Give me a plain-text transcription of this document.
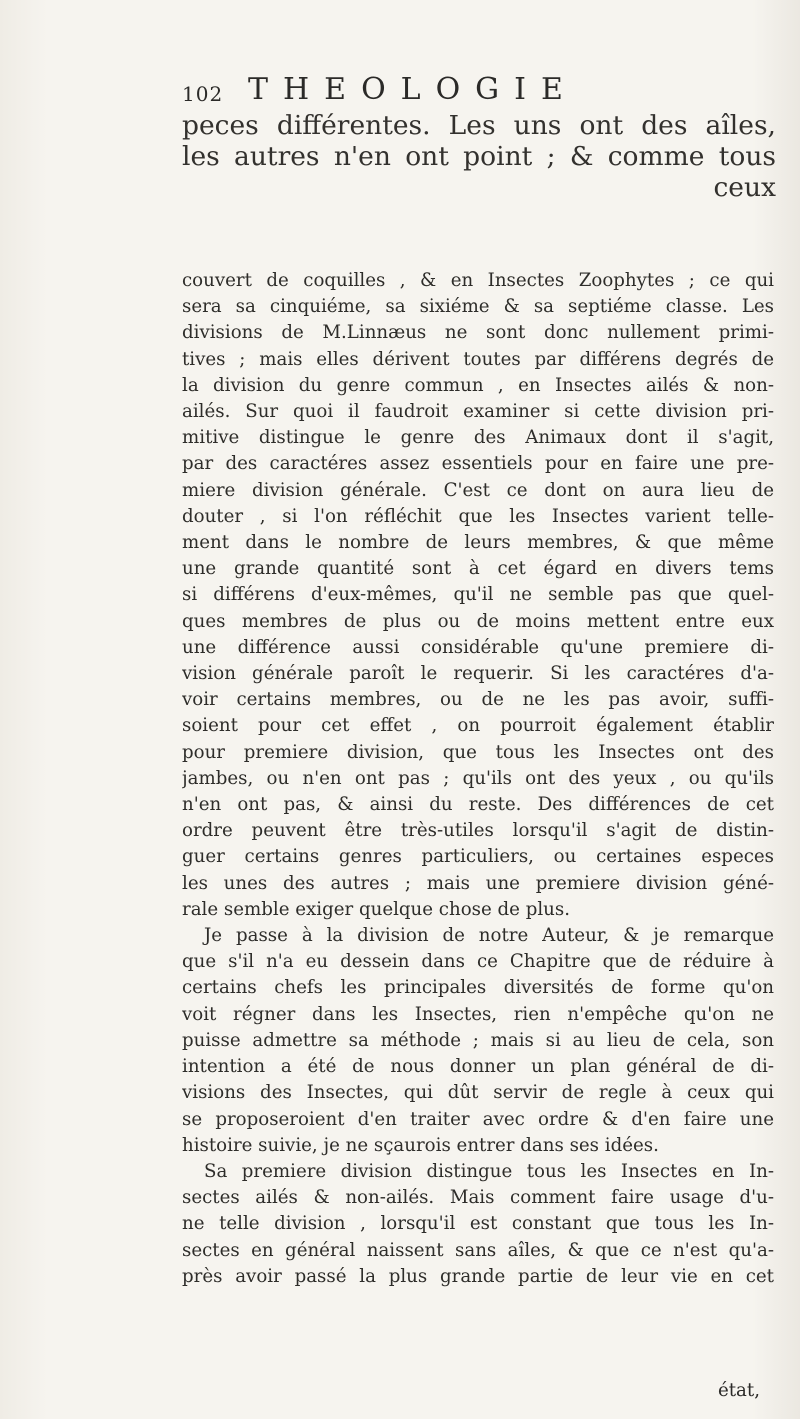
102 THEOLOGIE
peces différentes. Les uns ont des aîles,
les autres n'en ont point ; & comme tous
ceux
couvert de coquilles , & en Insectes Zoophytes ; ce qui
sera sa cinquiéme, sa sixiéme & sa septiéme classe. Les
divisions de M.Linnæus ne sont donc nullement primi-
tives ; mais elles dérivent toutes par différens degrés de
la division du genre commun , en Insectes ailés & non-
ailés. Sur quoi il faudroit examiner si cette division pri-
mitive distingue le genre des Animaux dont il s'agit,
par des caractéres assez essentiels pour en faire une pre-
miere division générale. C'est ce dont on aura lieu de
douter , si l'on réfléchit que les Insectes varient telle-
ment dans le nombre de leurs membres, & que même
une grande quantité sont à cet égard en divers tems
si différens d'eux-mêmes, qu'il ne semble pas que quel-
ques membres de plus ou de moins mettent entre eux
une différence aussi considérable qu'une premiere di-
vision générale paroît le requerir. Si les caractéres d'a-
voir certains membres, ou de ne les pas avoir, suffi-
soient pour cet effet , on pourroit également établir
pour premiere division, que tous les Insectes ont des
jambes, ou n'en ont pas ; qu'ils ont des yeux , ou qu'ils
n'en ont pas, & ainsi du reste. Des différences de cet
ordre peuvent être très-utiles lorsqu'il s'agit de distin-
guer certains genres particuliers, ou certaines especes
les unes des autres ; mais une premiere division géné-
rale semble exiger quelque chose de plus.
Je passe à la division de notre Auteur, & je remarque
que s'il n'a eu dessein dans ce Chapitre que de réduire à
certains chefs les principales diversités de forme qu'on
voit régner dans les Insectes, rien n'empêche qu'on ne
puisse admettre sa méthode ; mais si au lieu de cela, son
intention a été de nous donner un plan général de di-
visions des Insectes, qui dût servir de regle à ceux qui
se proposeroient d'en traiter avec ordre & d'en faire une
histoire suivie, je ne sçaurois entrer dans ses idées.
Sa premiere division distingue tous les Insectes en In-
sectes ailés & non-ailés. Mais comment faire usage d'u-
ne telle division , lorsqu'il est constant que tous les In-
sectes en général naissent sans aîles, & que ce n'est qu'a-
près avoir passé la plus grande partie de leur vie en cet
état,
